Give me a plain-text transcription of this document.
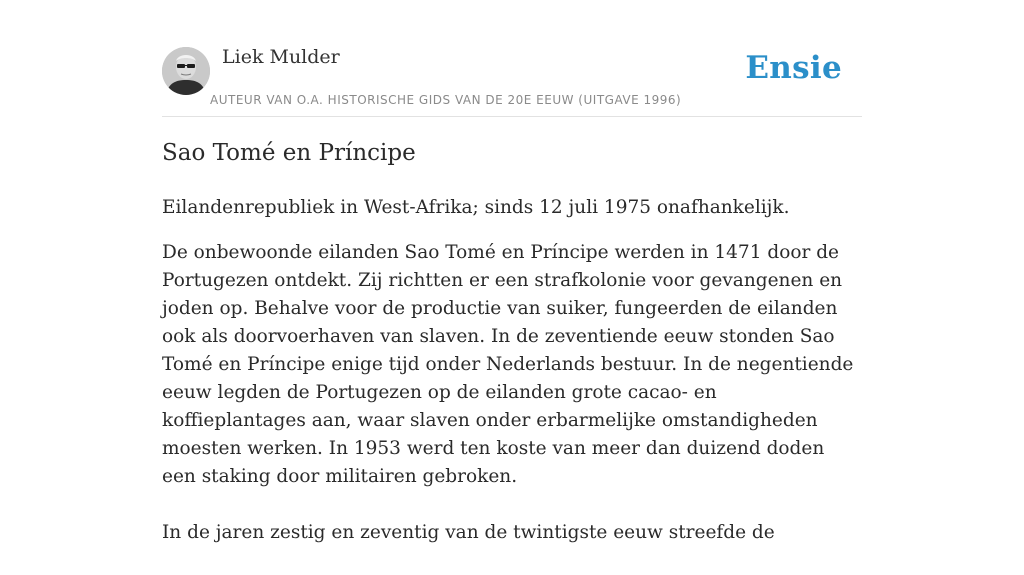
Liek Mulder
AUTEUR VAN O.A. HISTORISCHE GIDS VAN DE 20E EEUW (UITGAVE 1996)
Ensie
Sao Tomé en Príncipe

Eilandenrepubliek in West-Afrika; sinds 12 juli 1975 onafhankelijk.

De onbewoonde eilanden Sao Tomé en Príncipe werden in 1471 door de Portugezen ontdekt. Zij richtten er een strafkolonie voor gevangenen en joden op. Behalve voor de productie van suiker, fungeerden de eilanden ook als doorvoerhaven van slaven. In de zeventiende eeuw stonden Sao Tomé en Príncipe enige tijd onder Nederlands bestuur. In de negentiende eeuw legden de Portugezen op de eilanden grote cacao- en koffieplantages aan, waar slaven onder erbarmelijke omstandigheden moesten werken. In 1953 werd ten koste van meer dan duizend doden een staking door militairen gebroken.

In de jaren zestig en zeventig van de twintigste eeuw streefde de
